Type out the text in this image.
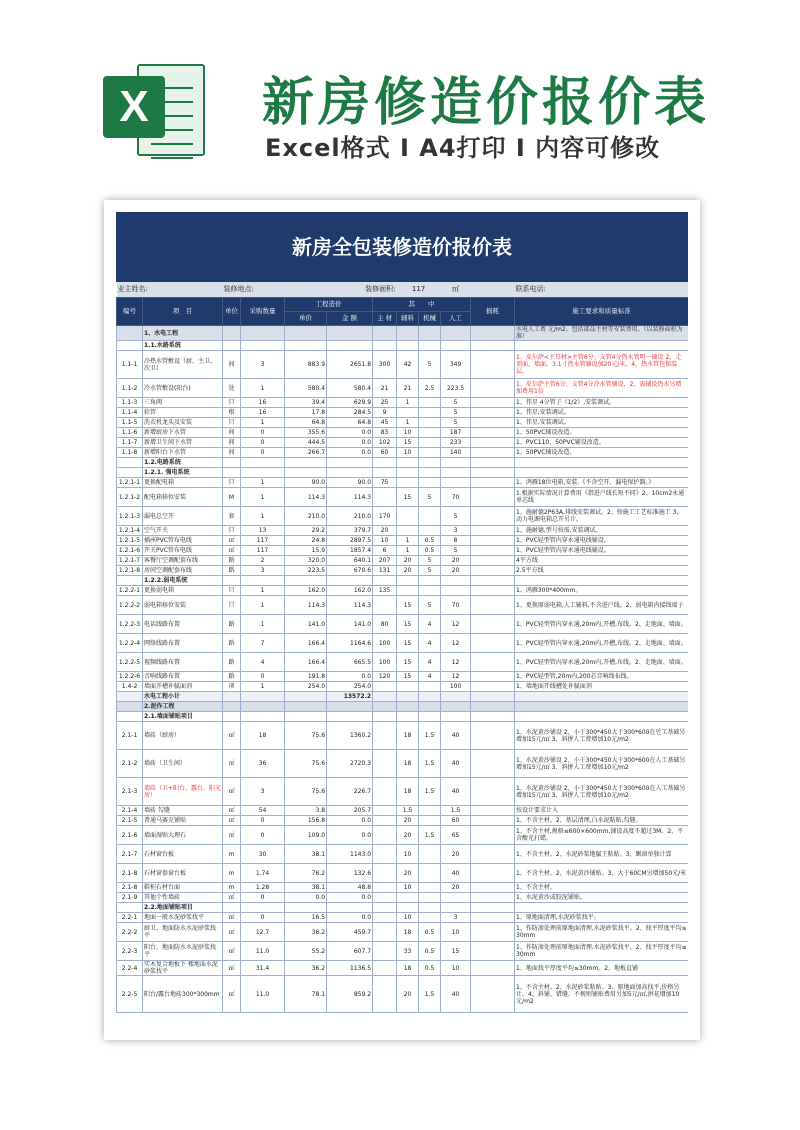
X	新房修造价报价表
Excel格式 I A4打印 I 内容可修改
新房全包装修造价报价表
业主姓名:		装修地点:			装修面积:		117		㎡		联系电话:
编号	项　目	单位	采购数量	工程造价		其　　中				损耗	施工要求和质量标准
				单价	金 额	主 材	辅料	机械	人工		
	1、水电工程										水电人工费 元/m2。包括部品主材等安装费用。（以装修面积为准）
	1.1.水路系统										
1.1-1	冷热水管敷设（厨、主卫、次卫）	间	3	883.9	2651.8	300	42	5	349		1、皮尔萨<主耳材>主管6分、支管4分热水管明一辅设 2、走顶面、墙面。3.1寸热水管辅设加20元/米。4、热水管包保温层。
1.1-2	冷水管敷设(阳台)	处	1	580.4	580.4	21	21	2.5	223.5		1、皮尔萨主管6分、支管4分冷水管辅设，2、需辅设热水另增加费用1倍
1.1-3	三角阀	只	16	39.4	629.9	25	1		5		1、伟星 4分管子（1/2）,安装调试。
1.1-4	软管	根	16	17.8	284.5	9			5		1、伟星,安装调试。
1.1-5	洗衣机龙头及安装	只	1	64.8	64.8	45	1		5		1、伟星,安装调试。
1.1-6	新增厨房下水管	间	0	355.6	0.0	83	10		187		1、50PVC辅设改造。
1.1-7	新增卫生间下水管	间	0	444.5	0.0	102	15		233		1、PVC110、50PVC辅设改造。
1.1-8	新增阳台下水管	间	0	266.7	0.0	60	10		140		1、50PVC辅设改造。
	1.2.电路系统										
	1.2.1. 强电系统										
1.2.1-1	更换配电箱	只	1	90.0	90.0	75					1、鸿雁18位电箱,安装.《不含空开、漏电保护器。》
1.2.1-2	配电箱移位安装	M	1	114.3	114.3		15	5	70		1.根据实际情况计算费用《指进户线长短不同》2、10cm2永通单芯线
1.2.1-3	漏电总空开	套	1	210.0	210.0	170			5		1、施耐德2P63A,排线安装调试。2、按施工工艺标准施工 3、动力电源电箱总开另计。
1.2.1-4	空气开关	只	13	29.2	379.7	20			3		1、施耐德,型号按需,安装调试。
1.2.1-5	插座PVC管布电线	㎡	117	24.8	2897.5	10	1	0.5	8		1、PVC轻型管内穿永通电线辅设。
1.2.1-6	开关PVC管布电线	㎡	117	15.9	1857.4	6	1	0.5	5		1、PVC轻型管内穿永通电线辅设。
1.2.1-7	客餐厅空调配套布线	路	2	320.0	640.1	207	20	5	20		4平方线
1.2.1-8	房间空调配套布线	路	3	223.5	670.6	131	20	5	20		2.5平方线
	1.2.2.弱电系统										
1.2.2-1	更换弱电箱	只	1	162.0	162.0	135					1、鸿雁300*400mm。
1.2.2-2	弱电箱移位安装	只	1	114.3	114.3		15	5	70		1、更换原弱电箱,人工辅料,不含进户线。2、弱电箱内接线端子
1.2.2-3	电话线路布置	路	1	141.0	141.0	80	15	4	12		1、PVC轻型管内穿永通,20m内,开槽,布线。2、走地面、墙面。
1.2.2-4	网络线路布置	路	7	166.4	1164.6	100	15	4	12		1、PVC轻型管内穿永通,20m内,开槽,布线。2、走地面、墙面。
1.2.2-5	视频线路布置	路	4	166.4	665.5	100	15	4	12		1、PVC轻型管内穿永通,20m内,开槽,布线。2、走地面、墙面。
1.2.2-6	音响线路布置	路	0	191.8	0.0	120	15	4	12		1、PVC轻型管,20m内,200芯音响线布线。
1.4-2	墙面开槽补腻面剂	项	1	254.0	254.0				100		1、墙地面开线槽处补腻面剂
	水电工程小计				13572.2						
	2.泥作工程										
	2.1.墙面铺贴项目										
2.1-1	墙砖（厨房）	㎡	18	75.6	1360.2		18	1.5	40		1、水泥黄沙铺设 2、小于300*450大于300*600在인工基础另增加15元/㎡ 3、斜拼人工费增加10元/m2
2.1-2	墙砖（卫生间）	㎡	36	75.6	2720.3		18	1.5	40		1、水泥黄沙铺设 2、小于300*450大于300*600在人工基础另增加15元/㎡ 3、斜拼人工费增加10元/m2
2.1-3	墙砖（卫+阳台、露台、阳光房）	㎡	3	75.6	226.7		18	1.5	40		1、水泥黄沙铺设 2、小于300*450大于300*600在人工基础另增加15元/㎡ 3、斜拼人工费增加10元/m2
2.1-4	墙砖 勾缝	㎡	54	3.8	205.7		1.5		1.5		按设计要求计入
2.1-5	普通马赛克铺贴	㎡	0	156.8	0.0		20		60		1、不含主材。2、基层清理,白水泥粘贴,勾缝。
2.1-6	墙面湿贴大理石	㎡	0	109.0	0.0		20	1.5	65		1、不含主材,规格≤600×600mm,铺设高度不超过3M。2、不含酸光打蜡。
2.1-7	石材窗台板	m	30	38.1	1143.0		10		20		1、不含主材。2、水泥砂浆地腻王粘贴。3、飘窗单独计算
2.1-8	石材窗套窗台板	m	1.74	76.2	132.6		20		40		1、不含主材。2、水泥黄沙铺贴。3、大于60CM另增加50元/米
2.1-8	鞋柜石材台面	m	1.28	38.1	48.8		10		20		1、不含主材。
2.1-9	其他个性墙砖	㎡	0	0.0	0.0						1、水泥黄沙或胶泥铺贴。
	2.2.地面铺贴项目										
2.2-1	地面一般水泥砂浆找平	㎡	0	16.5	0.0		10		3		1、原地面清理,水泥砂浆找平。
2.2-2	厨卫、地面防水水泥砂浆找平	㎡	12.7	36.2	459.7		18	0.5	10		1、作防渗处理前原地面清理,水泥砂浆找平。2、找平厚度平均≤30mm
2.2-3	阳台、地面防水水泥砂浆找平	㎡	11.0	55.2	607.7		33	0.5	15		1、作防渗处理前原地面清理,水泥砂浆找平。2、找平厚度平均≤30mm
2.2-4	实木复合地板下 楼地面水泥砂浆找平	㎡	31.4	36.2	1136.5		18	0.5	10		1、地面找平厚度平均≤30mm。2、地板直铺
2.2-5	阳台/露台地砖300*300mm	㎡	11.0	78.1	859.2		20	1.5	40		1、不含主材。2、水泥砂浆粘贴。3、原地面加高找平,价格另计。4、斜铺、错缝、不规则铺贴费用另加5元/㎡,拼花增加10元/m2
